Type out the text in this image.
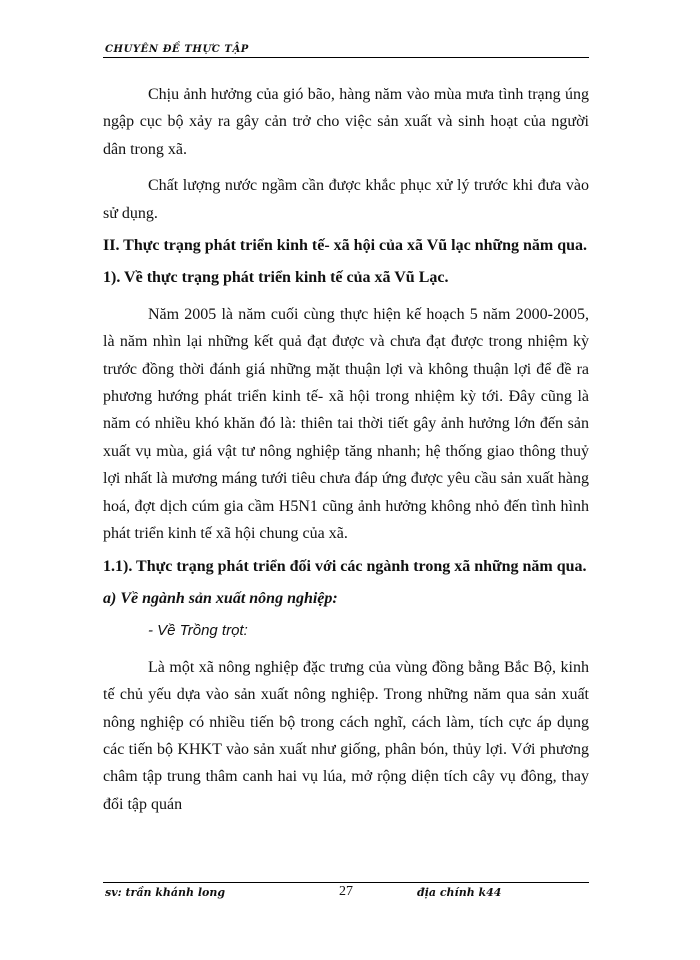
CHUYÊN ĐỀ THỰC TẬP

Chịu ảnh hưởng của gió bão, hàng năm vào mùa mưa tình trạng úng ngập cục bộ xảy ra gây cản trở cho việc sản xuất và sinh hoạt của người dân trong xã.

Chất lượng nước ngầm cần được khắc phục xử lý trước khi đưa vào sử dụng.

II. Thực trạng phát triển kinh tế- xã hội của xã Vũ lạc những năm qua.

1). Về thực trạng phát triển kinh tế của xã Vũ Lạc.

Năm 2005 là năm cuối cùng thực hiện kế hoạch 5 năm 2000-2005, là năm nhìn lại những kết quả đạt được và chưa đạt được trong nhiệm kỳ trước đồng thời đánh giá những mặt thuận lợi và không thuận lợi để đề ra phương hướng phát triển kinh tế- xã hội trong nhiệm kỳ tới. Đây cũng là năm có nhiều khó khăn đó là: thiên tai thời tiết gây ảnh hưởng lớn đến sản xuất vụ mùa, giá vật tư nông nghiệp tăng nhanh; hệ thống giao thông thuỷ lợi nhất là mương máng tưới tiêu chưa đáp ứng được yêu cầu sản xuất hàng hoá, đợt dịch cúm gia cầm H5N1 cũng ảnh hưởng không nhỏ đến tình hình phát triển kinh tế xã hội chung của xã.

1.1). Thực trạng phát triển đối với các ngành trong xã những năm qua.

a) Về ngành sản xuất nông nghiệp:

- Về Trồng trọt:

Là một xã nông nghiệp đặc trưng của vùng đồng bằng Bắc Bộ, kinh tế chủ yếu dựa vào sản xuất nông nghiệp. Trong những năm qua sản xuất nông nghiệp có nhiều tiến bộ trong cách nghĩ, cách làm, tích cực áp dụng các tiến bộ KHKT vào sản xuất như giống, phân bón, thủy lợi. Với phương châm tập trung thâm canh hai vụ lúa, mở rộng diện tích cây vụ đông, thay đổi tập quán

sv: trần khánh long	27	địa chính k44
